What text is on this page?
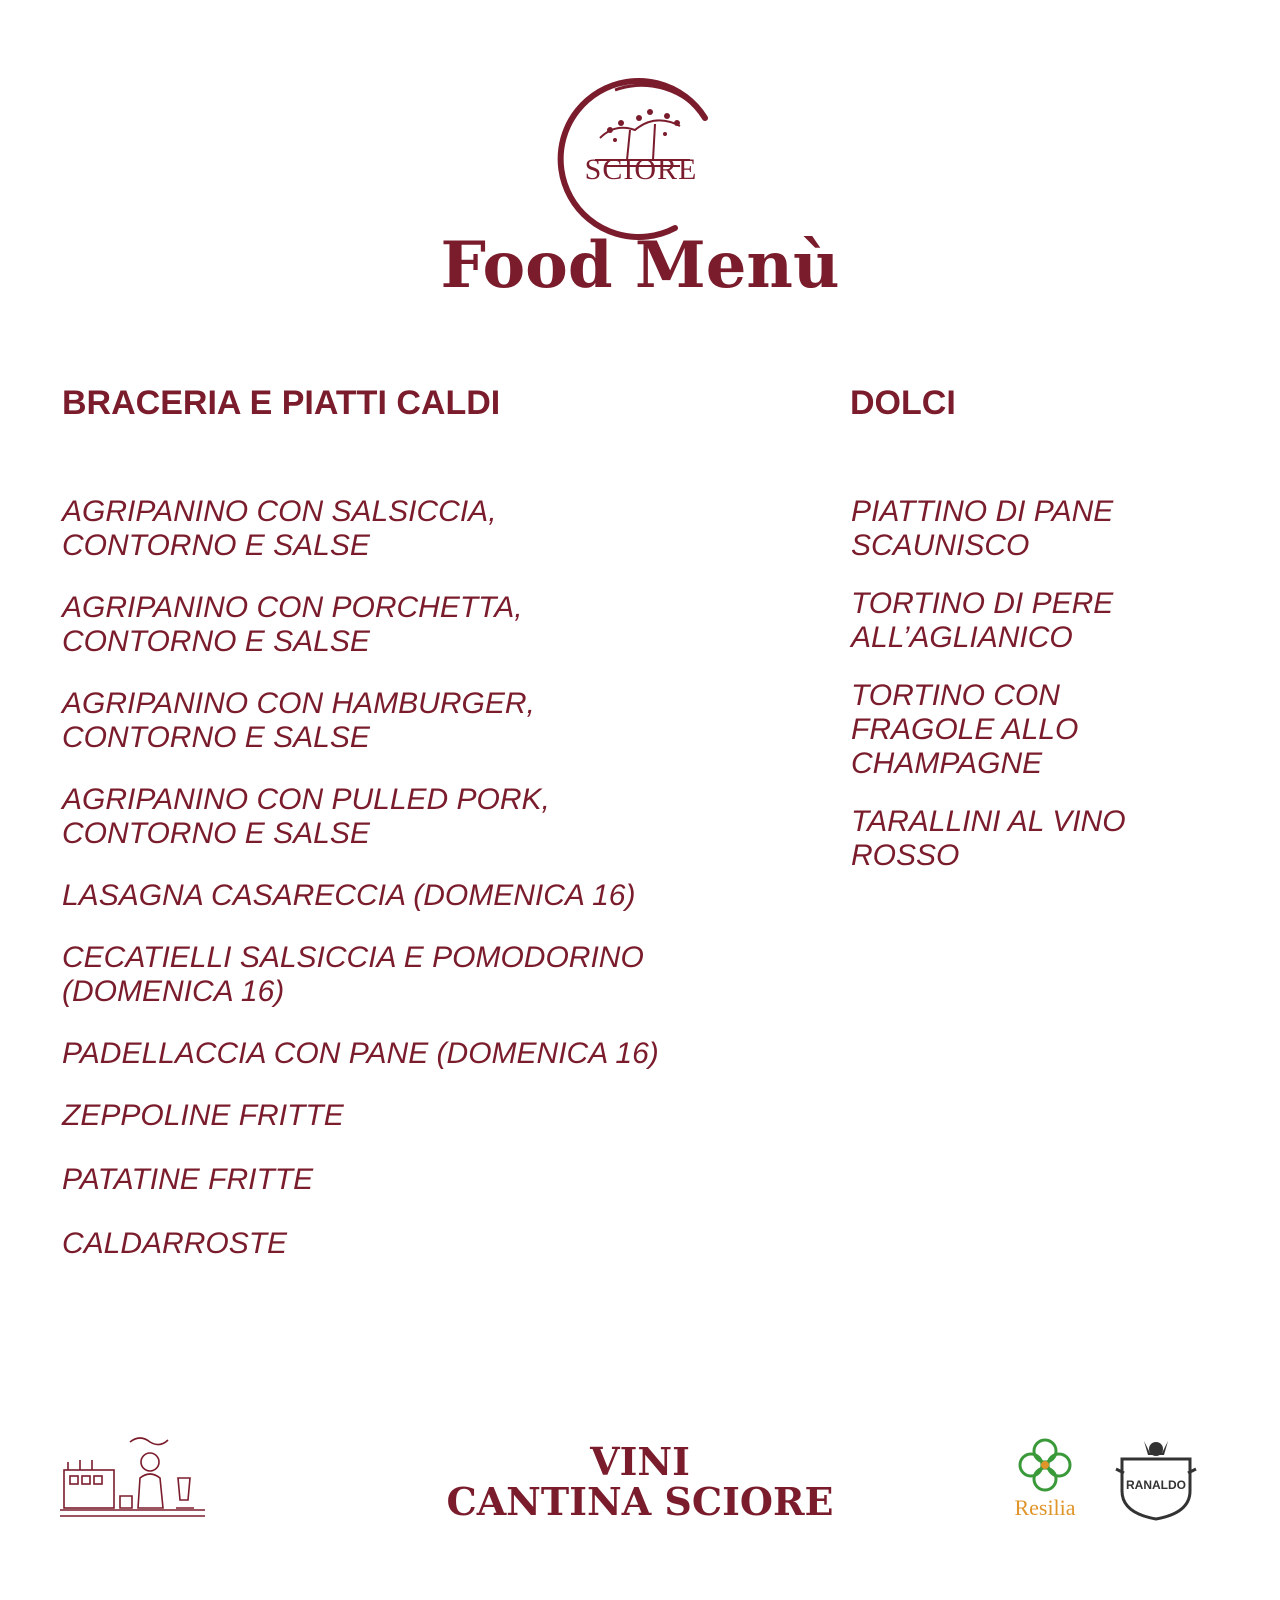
SCIORE
Food Menù
BRACERIA E PIATTI CALDI	DOLCI
AGRIPANINO CON SALSICCIA, CONTORNO E SALSE
AGRIPANINO CON PORCHETTA, CONTORNO E SALSE
AGRIPANINO CON HAMBURGER, CONTORNO E SALSE
AGRIPANINO CON PULLED PORK, CONTORNO E SALSE
LASAGNA CASARECCIA (DOMENICA 16)
CECATIELLI SALSICCIA E POMODORINO (DOMENICA 16)
PADELLACCIA CON PANE (DOMENICA 16)
ZEPPOLINE FRITTE
PATATINE FRITTE
CALDARROSTE
PIATTINO DI PANE SCAUNISCO
TORTINO DI PERE ALL’AGLIANICO
TORTINO CON FRAGOLE ALLO CHAMPAGNE
TARALLINI AL VINO ROSSO
VINI
CANTINA SCIORE	Resilia
RANALDO
